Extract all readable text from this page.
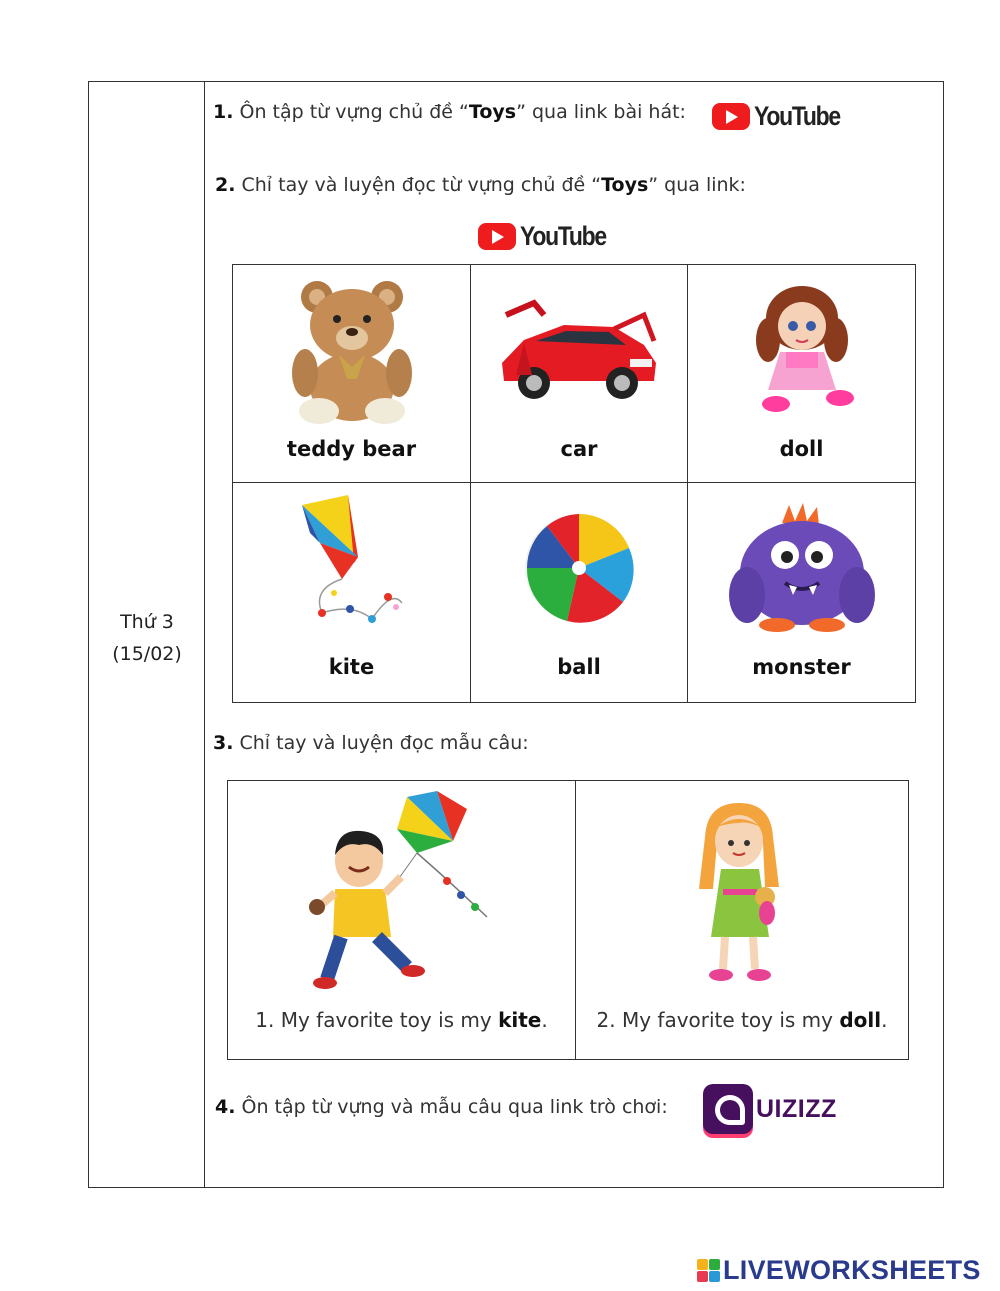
Thứ 3
(15/02)
1. Ôn tập từ vựng chủ đề “Toys” qua link bài hát:	YouTube
2. Chỉ tay và luyện đọc từ vựng chủ đề “Toys” qua link:
YouTube
teddy bear	car	doll
kite	ball	monster
3. Chỉ tay và luyện đọc mẫu câu:
1. My favorite toy is my kite.	2. My favorite toy is my doll.
4. Ôn tập từ vựng và mẫu câu qua link trò chơi:	UIZIZZ
LIVEWORKSHEETS
